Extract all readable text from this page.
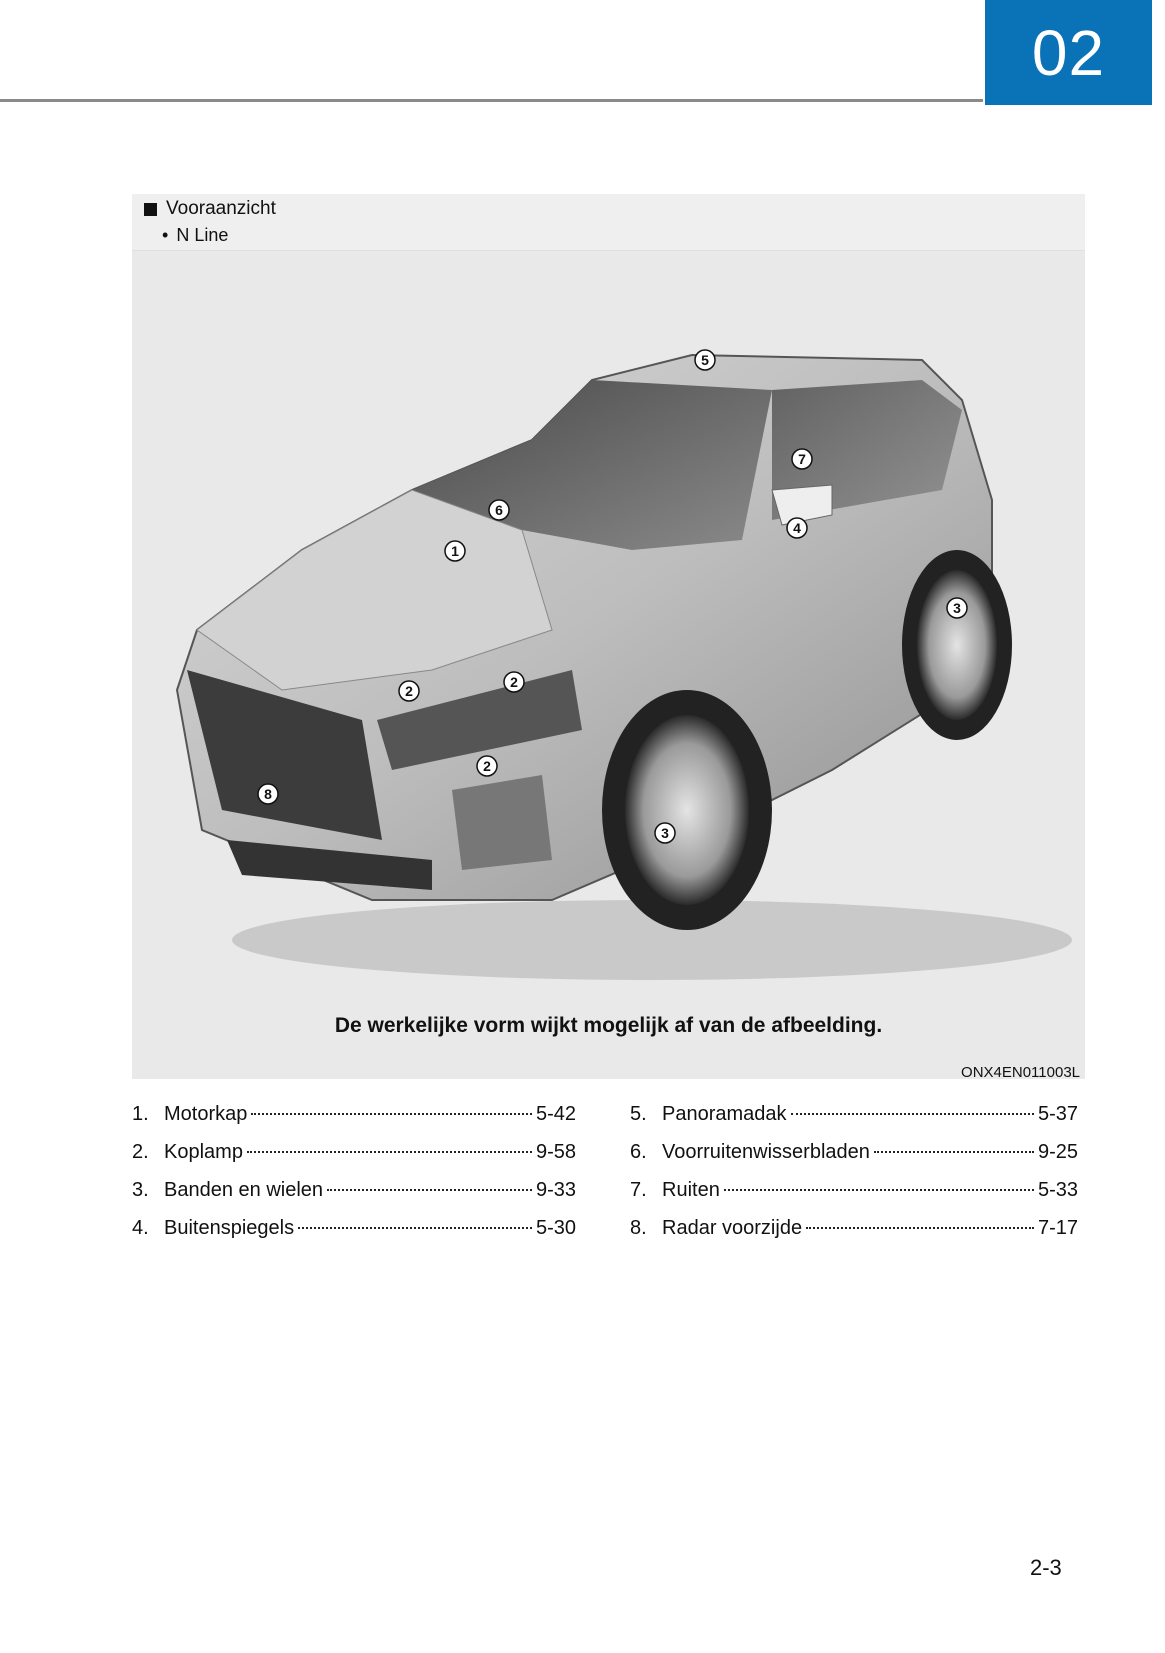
02
Vooraanzicht
• N Line
1
2
2
2
3
3
4
5
6
7
8
De werkelijke vorm wijkt mogelijk af van de afbeelding.
ONX4EN011003L
1. Motorkap	5-42
2. Koplamp	9-58
3. Banden en wielen	9-33
4. Buitenspiegels	5-30
5. Panoramadak	5-37
6. Voorruitenwisserbladen	9-25
7. Ruiten	5-33
8. Radar voorzijde	7-17
2-3
